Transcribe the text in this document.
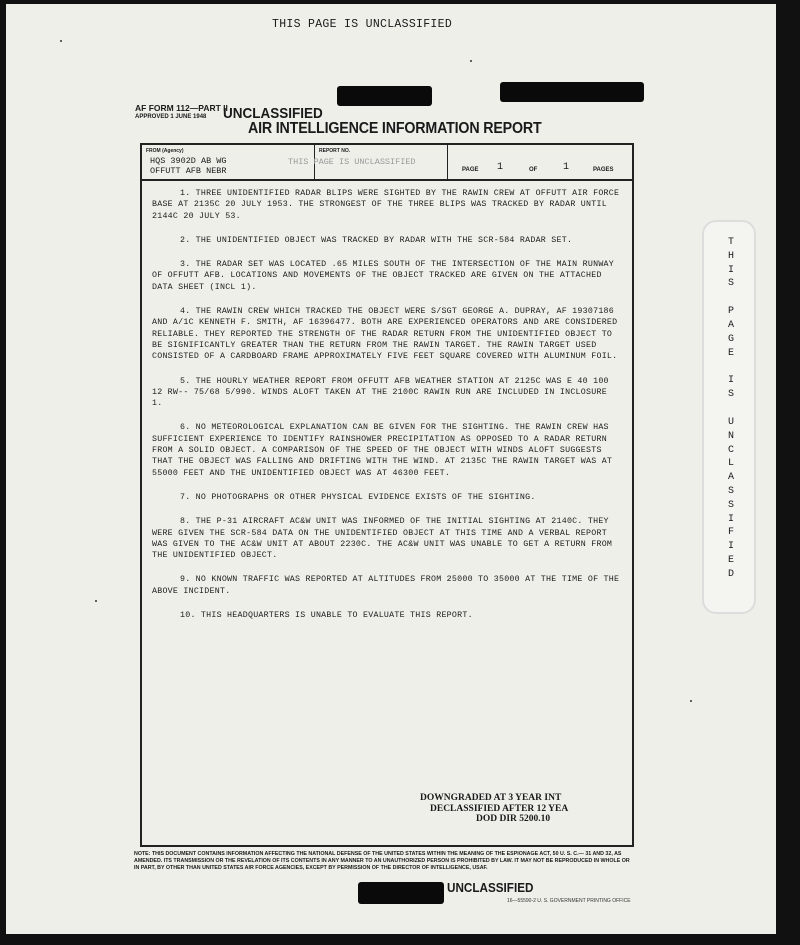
THIS PAGE IS UNCLASSIFIED
AF FORM 112—PART II
APPROVED 1 JUNE 1948	UNCLASSIFIED
AIR INTELLIGENCE INFORMATION REPORT
FROM (Agency)
HQS 3902D AB WG
OFFUTT AFB NEBR
REPORT NO.
THIS PAGE IS UNCLASSIFIED
PAGE 1	OF	1	PAGES

1. THREE UNIDENTIFIED RADAR BLIPS WERE SIGHTED BY THE RAWIN CREW AT OFFUTT AIR FORCE BASE AT 2135C 20 JULY 1953. THE STRONGEST OF THE THREE BLIPS WAS TRACKED BY RADAR UNTIL 2144C 20 JULY 53.

2. THE UNIDENTIFIED OBJECT WAS TRACKED BY RADAR WITH THE SCR-584 RADAR SET.

3. THE RADAR SET WAS LOCATED .65 MILES SOUTH OF THE INTERSECTION OF THE MAIN RUNWAY OF OFFUTT AFB. LOCATIONS AND MOVEMENTS OF THE OBJECT TRACKED ARE GIVEN ON THE ATTACHED DATA SHEET (INCL 1).

4. THE RAWIN CREW WHICH TRACKED THE OBJECT WERE S/SGT GEORGE A. DUPRAY, AF 19307186 AND A/1C KENNETH F. SMITH, AF 16396477. BOTH ARE EXPERIENCED OPERATORS AND ARE CONSIDERED RELIABLE. THEY REPORTED THE STRENGTH OF THE RADAR RETURN FROM THE UNIDENTIFIED OBJECT TO BE SIGNIFICANTLY GREATER THAN THE RETURN FROM THE RAWIN TARGET. THE RAWIN TARGET USED CONSISTED OF A CARDBOARD FRAME APPROXIMATELY FIVE FEET SQUARE COVERED WITH ALUMINUM FOIL.

5. THE HOURLY WEATHER REPORT FROM OFFUTT AFB WEATHER STATION AT 2125C WAS E 40 100 12 RW-- 75/68 5/990. WINDS ALOFT TAKEN AT THE 2100C RAWIN RUN ARE INCLUDED IN INCLOSURE 1.

6. NO METEOROLOGICAL EXPLANATION CAN BE GIVEN FOR THE SIGHTING. THE RAWIN CREW HAS SUFFICIENT EXPERIENCE TO IDENTIFY RAINSHOWER PRECIPITATION AS OPPOSED TO A RADAR RETURN FROM A SOLID OBJECT. A COMPARISON OF THE SPEED OF THE OBJECT WITH WINDS ALOFT SUGGESTS THAT THE OBJECT WAS FALLING AND DRIFTING WITH THE WIND. AT 2135C THE RAWIN TARGET WAS AT 55000 FEET AND THE UNIDENTIFIED OBJECT WAS AT 46300 FEET.

7. NO PHOTOGRAPHS OR OTHER PHYSICAL EVIDENCE EXISTS OF THE SIGHTING.

8. THE P-31 AIRCRAFT AC&W UNIT WAS INFORMED OF THE INITIAL SIGHTING AT 2140C. THEY WERE GIVEN THE SCR-584 DATA ON THE UNIDENTIFIED OBJECT AT THIS TIME AND A VERBAL REPORT WAS GIVEN TO THE AC&W UNIT AT ABOUT 2230C. THE AC&W UNIT WAS UNABLE TO GET A RETURN FROM THE UNIDENTIFIED OBJECT.

9. NO KNOWN TRAFFIC WAS REPORTED AT ALTITUDES FROM 25000 TO 35000 AT THE TIME OF THE ABOVE INCIDENT.

10. THIS HEADQUARTERS IS UNABLE TO EVALUATE THIS REPORT.

DOWNGRADED AT 3 YEAR INT
DECLASSIFIED AFTER 12 YEA
DOD DIR 5200.10
NOTE: THIS DOCUMENT CONTAINS INFORMATION AFFECTING THE NATIONAL DEFENSE OF THE UNITED STATES WITHIN THE MEANING OF THE ESPIONAGE ACT, 50 U. S. C.— 31 AND 32, AS AMENDED. ITS TRANSMISSION OR THE REVELATION OF ITS CONTENTS IN ANY MANNER TO AN UNAUTHORIZED PERSON IS PROHIBITED BY LAW. IT MAY NOT BE REPRODUCED IN WHOLE OR IN PART, BY OTHER THAN UNITED STATES AIR FORCE AGENCIES, EXCEPT BY PERMISSION OF THE DIRECTOR OF INTELLIGENCE, USAF.
UNCLASSIFIED
16—55590-2 U. S. GOVERNMENT PRINTING OFFICE
T
H
I
S
P
A
G
E
I
S
U
N
C
L
A
S
S
I
F
I
E
D
